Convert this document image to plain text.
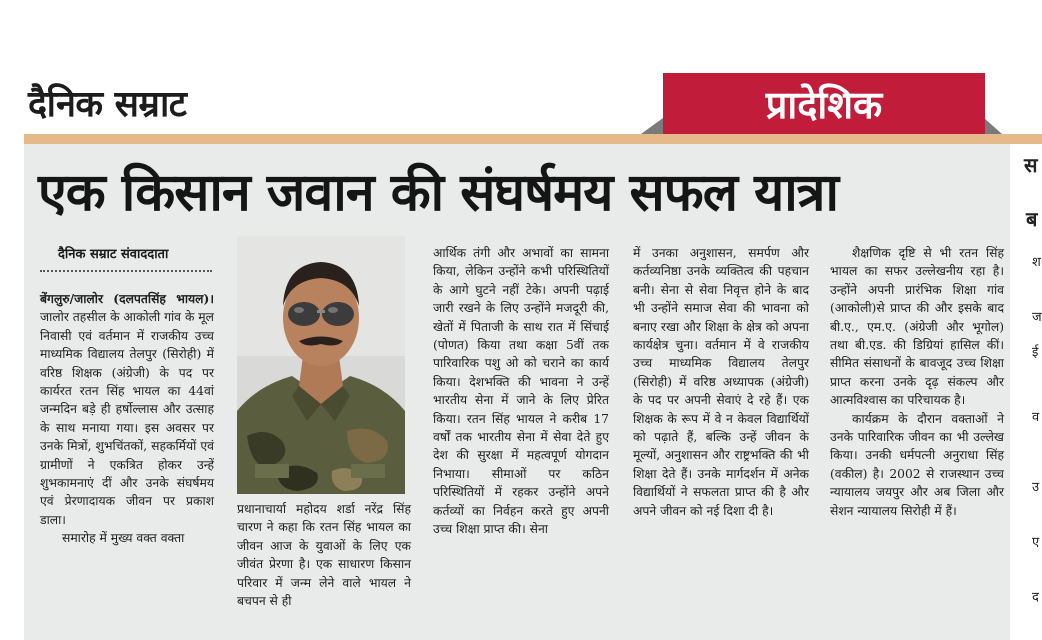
दैनिक सम्राट	प्रादेशिक
एक किसान जवान की संघर्षमय सफल यात्रा
दैनिक सम्राट संवाददाता

बेंगलुरु/जालोर (दलपतसिंह भायल)। जालोर तहसील के आकोली गांव के मूल निवासी एवं वर्तमान में राजकीय उच्च माध्यमिक विद्यालय तेलपुर (सिरोही) में वरिष्ठ शिक्षक (अंग्रेजी) के पद पर कार्यरत रतन सिंह भायल का 44वां जन्मदिन बड़े ही हर्षोल्लास और उत्साह के साथ मनाया गया। इस अवसर पर उनके मित्रों, शुभचिंतकों, सहकर्मियों एवं ग्रामीणों ने एकत्रित होकर उन्हें शुभकामनाएं दीं और उनके संघर्षमय एवं प्रेरणादायक जीवन पर प्रकाश डाला।

समारोह में मुख्य वक्त वक्ता

प्रधानाचार्या महोदय शर्डा नरेंद्र सिंह चारण ने कहा कि रतन सिंह भायल का जीवन आज के युवाओं के लिए एक जीवंत प्रेरणा है। एक साधारण किसान परिवार में जन्म लेने वाले भायल ने बचपन से ही
आर्थिक तंगी और अभावों का सामना किया, लेकिन उन्होंने कभी परिस्थितियों के आगे घुटने नहीं टेके। अपनी पढ़ाई जारी रखने के लिए उन्होंने मजदूरी की, खेतों में पिताजी के साथ रात में सिंचाई (पोणत) किया तथा कक्षा 5वीं तक पारिवारिक पशु ओ को चराने का कार्य किया। देशभक्ति की भावना ने उन्हें भारतीय सेना में जाने के लिए प्रेरित किया। रतन सिंह भायल ने करीब 17 वर्षों तक भारतीय सेना में सेवा देते हुए देश की सुरक्षा में महत्वपूर्ण योगदान निभाया। सीमाओं पर कठिन परिस्थितियों में रहकर उन्होंने अपने कर्तव्यों का निर्वहन करते हुए अपनी उच्च शिक्षा प्राप्त की। सेना
में उनका अनुशासन, समर्पण और कर्तव्यनिष्ठा उनके व्यक्तित्व की पहचान बनी। सेना से सेवा निवृत्त होने के बाद भी उन्होंने समाज सेवा की भावना को बनाए रखा और शिक्षा के क्षेत्र को अपना कार्यक्षेत्र चुना। वर्तमान में वे राजकीय उच्च माध्यमिक विद्यालय तेलपुर (सिरोही) में वरिष्ठ अध्यापक (अंग्रेजी) के पद पर अपनी सेवाएं दे रहे हैं। एक शिक्षक के रूप में वे न केवल विद्यार्थियों को पढ़ाते हैं, बल्कि उन्हें जीवन के मूल्यों, अनुशासन और राष्ट्रभक्ति की भी शिक्षा देते हैं। उनके मार्गदर्शन में अनेक विद्यार्थियों ने सफलता प्राप्त की है और अपने जीवन को नई दिशा दी है।

शैक्षणिक दृष्टि से भी रतन सिंह भायल का सफर उल्लेखनीय रहा है। उन्होंने अपनी प्रारंभिक शिक्षा गांव (आकोली)से प्राप्त की और इसके बाद बी.ए., एम.ए. (अंग्रेजी और भूगोल) तथा बी.एड. की डिग्रियां हासिल कीं। सीमित संसाधनों के बावजूद उच्च शिक्षा प्राप्त करना उनके दृढ़ संकल्प और आत्मविश्वास का परिचायक है।

कार्यक्रम के दौरान वक्ताओं ने उनके पारिवारिक जीवन का भी उल्लेख किया। उनकी धर्मपत्नी अनुराधा सिंह (वकील) है। 2002 से राजस्थान उच्च न्यायालय जयपुर और अब जिला और सेशन न्यायालय सिरोही में हैं।

स
ब
श
ज
ई
व
उ
ए
द
